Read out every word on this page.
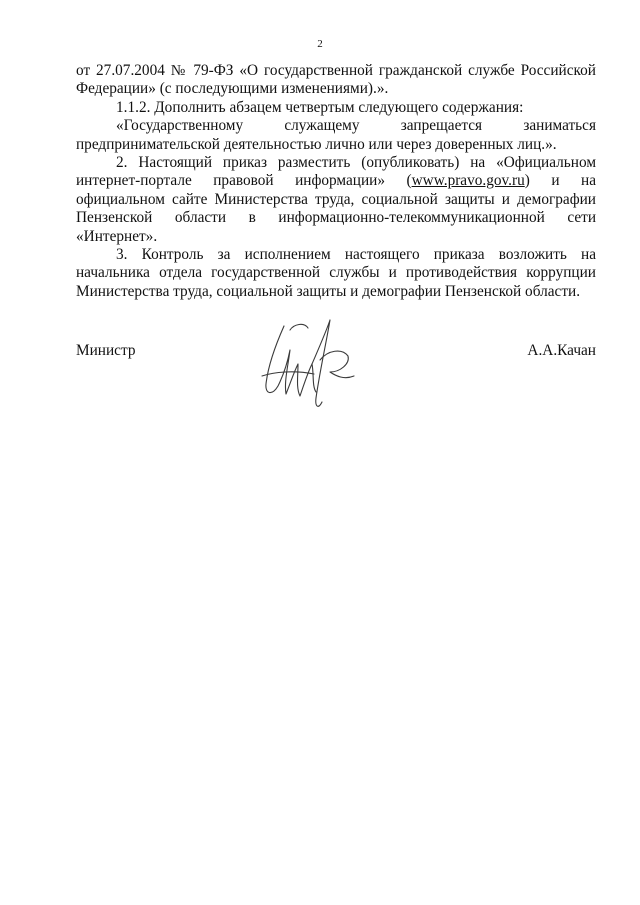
2

от 27.07.2004 № 79-ФЗ «О государственной гражданской службе Российской Федерации» (с последующими изменениями).».

1.1.2. Дополнить абзацем четвертым следующего содержания:

«Государственному служащему запрещается заниматься предпринимательской деятельностью лично или через доверенных лиц.».

2. Настоящий приказ разместить (опубликовать) на «Официальном интернет-портале правовой информации» (www.pravo.gov.ru) и на официальном сайте Министерства труда, социальной защиты и демографии Пензенской области в информационно-телекоммуникационной сети «Интернет».

3. Контроль за исполнением настоящего приказа возложить на начальника отдела государственной службы и противодействия коррупции Министерства труда, социальной защиты и демографии Пензенской области.

Министр	А.А.Качан
